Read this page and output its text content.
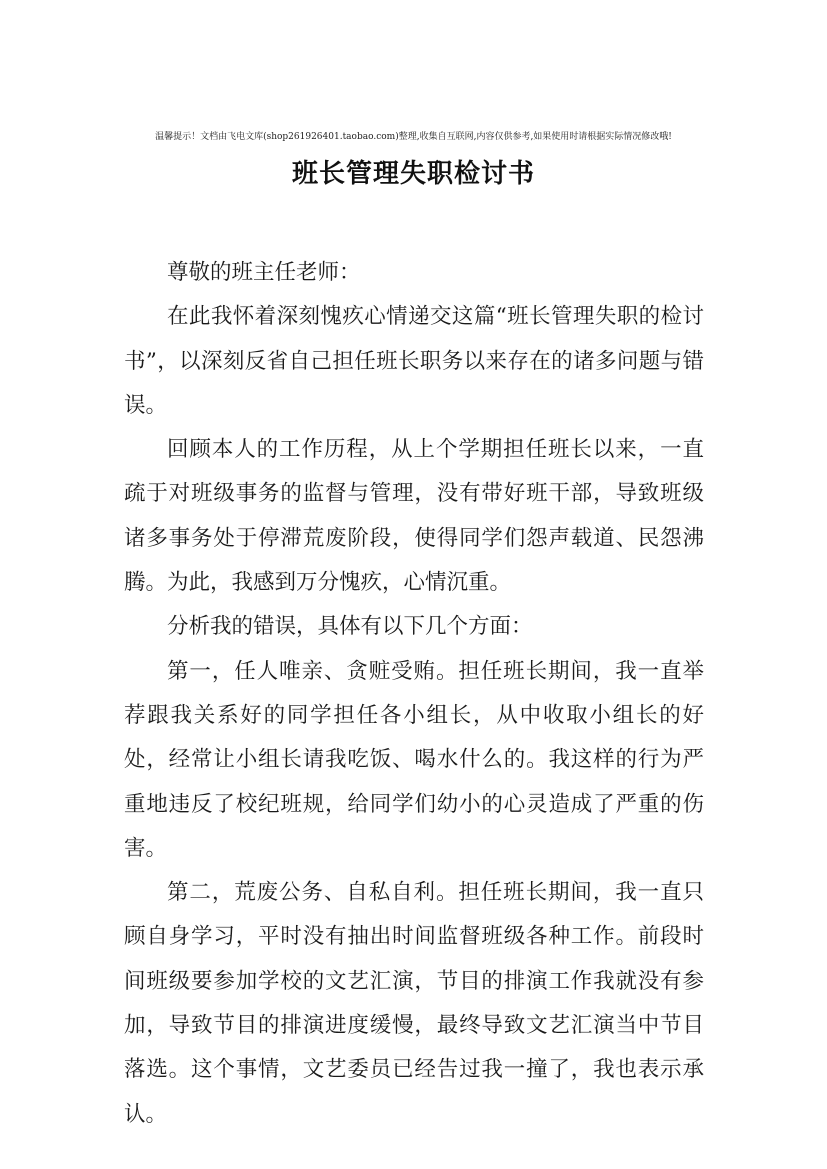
温馨提示！文档由飞电文库(shop261926401.taobao.com)整理,收集自互联网,内容仅供参考,如果使用时请根据实际情况修改哦!
班长管理失职检讨书

尊敬的班主任老师：

在此我怀着深刻愧疚心情递交这篇“班长管理失职的检讨书”，以深刻反省自己担任班长职务以来存在的诸多问题与错误。

回顾本人的工作历程，从上个学期担任班长以来，一直疏于对班级事务的监督与管理，没有带好班干部，导致班级诸多事务处于停滞荒废阶段，使得同学们怨声载道、民怨沸腾。为此，我感到万分愧疚，心情沉重。

分析我的错误，具体有以下几个方面：

第一，任人唯亲、贪赃受贿。担任班长期间，我一直举荐跟我关系好的同学担任各小组长，从中收取小组长的好处，经常让小组长请我吃饭、喝水什么的。我这样的行为严重地违反了校纪班规，给同学们幼小的心灵造成了严重的伤害。

第二，荒废公务、自私自利。担任班长期间，我一直只顾自身学习，平时没有抽出时间监督班级各种工作。前段时间班级要参加学校的文艺汇演，节目的排演工作我就没有参加，导致节目的排演进度缓慢，最终导致文艺汇演当中节目落选。这个事情，文艺委员已经告过我一撞了，我也表示承认。
